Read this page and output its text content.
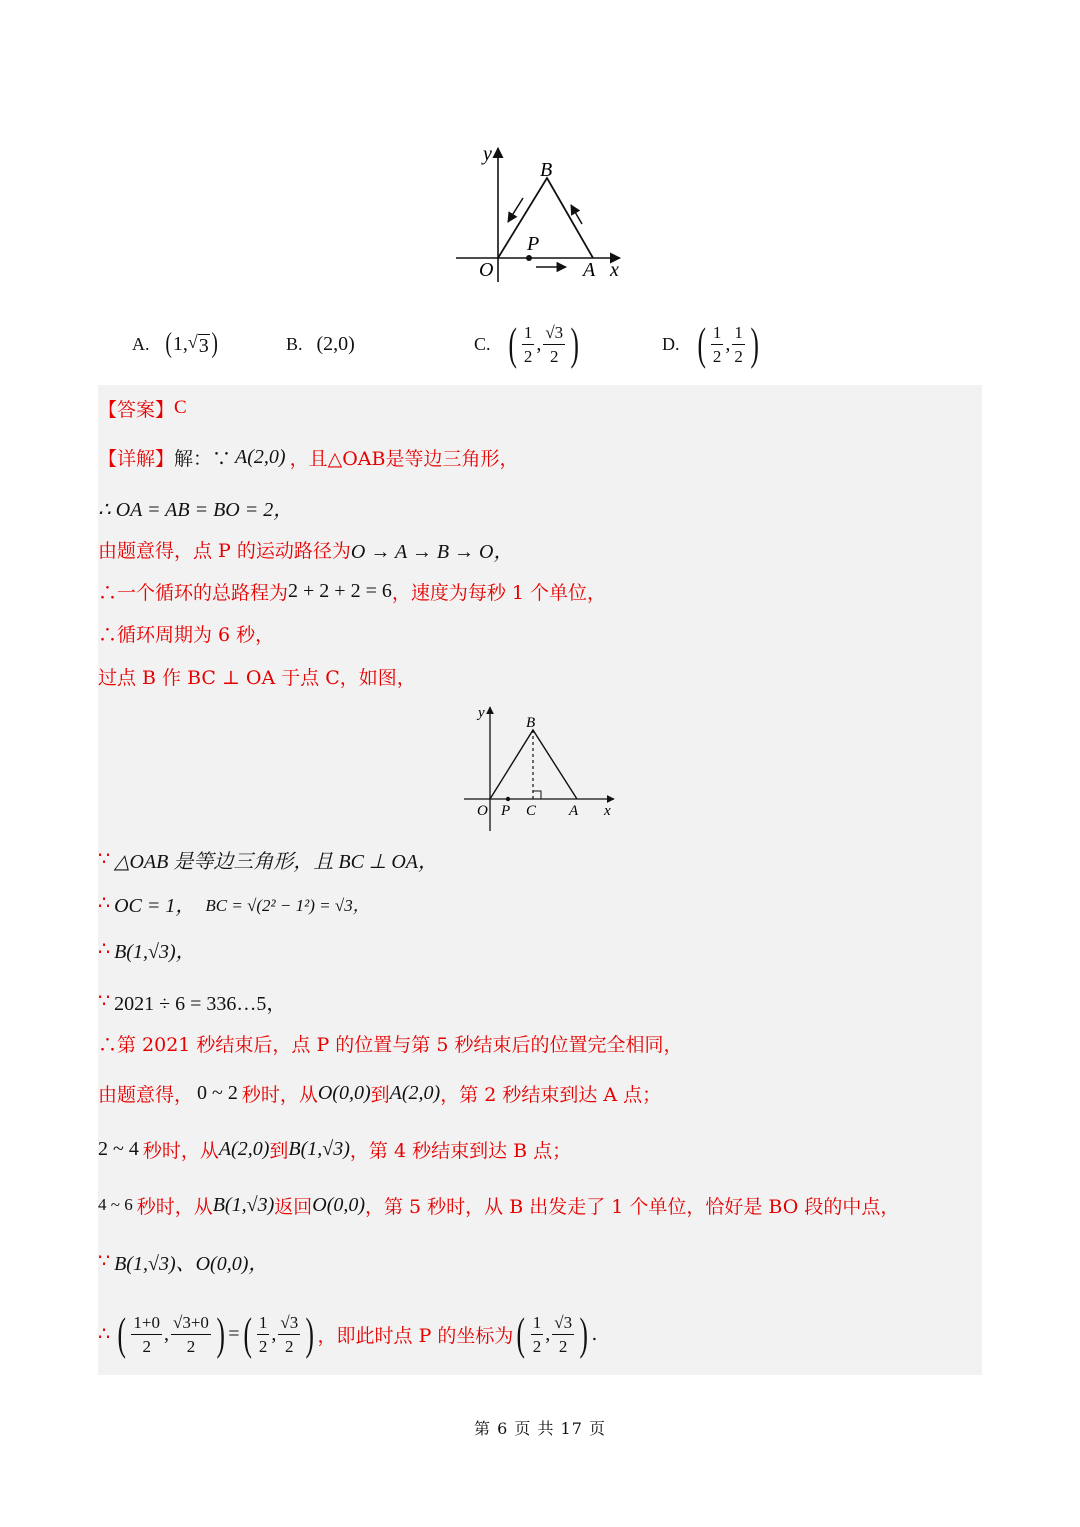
y
B
P
O	A x
A. ( 1, √ 3 )	B. (2,0)	C. ( $\frac{1}{2}$ , $\frac{√3}{2}$ )	D. ( $\frac{1}{2}$ , $\frac{1}{2}$ )
【答案】 C
【详解】 解：∵ A(2,0) ，且△OAB是等边三角形，
∴ OA = AB = BO = 2，
由题意得，点 P 的运动路径为 O → A → B → O，
∴一个循环的总路程为 2 + 2 + 2 = 6 ，速度为每秒 1 个单位，
∴循环周期为 6 秒，
过点 B 作 BC ⊥ OA 于点 C，如图，
y
B
O P C A x
∵ △OAB 是等边三角形，且 BC ⊥ OA，
∴ OC = 1， BC = √(2² − 1²) = √3，
∴ B(1,√3)，
∵ 2021 ÷ 6 = 336…5，
∴第 2021 秒结束后，点 P 的位置与第 5 秒结束后的位置完全相同，
由题意得， 0 ~ 2 秒时，从 O(0,0) 到 A(2,0) ，第 2 秒结束到达 A 点；
2 ~ 4 秒时，从 A(2,0) 到 B(1,√3) ，第 4 秒结束到达 B 点；
4 ~ 6 秒时，从 B(1,√3) 返回 O(0,0) ，第 5 秒时，从 B 出发走了 1 个单位，恰好是 BO 段的中点，
∵ B(1,√3)、O(0,0)，
∴ ( $\frac{1+0}{2}$ , $\frac{√3+0}{2}$ ) = ( $\frac{1}{2}$ , $\frac{√3}{2}$ ) ，即此时点 P 的坐标为 ( $\frac{1}{2}$ , $\frac{√3}{2}$ ) .
第 6 页 共 17 页
